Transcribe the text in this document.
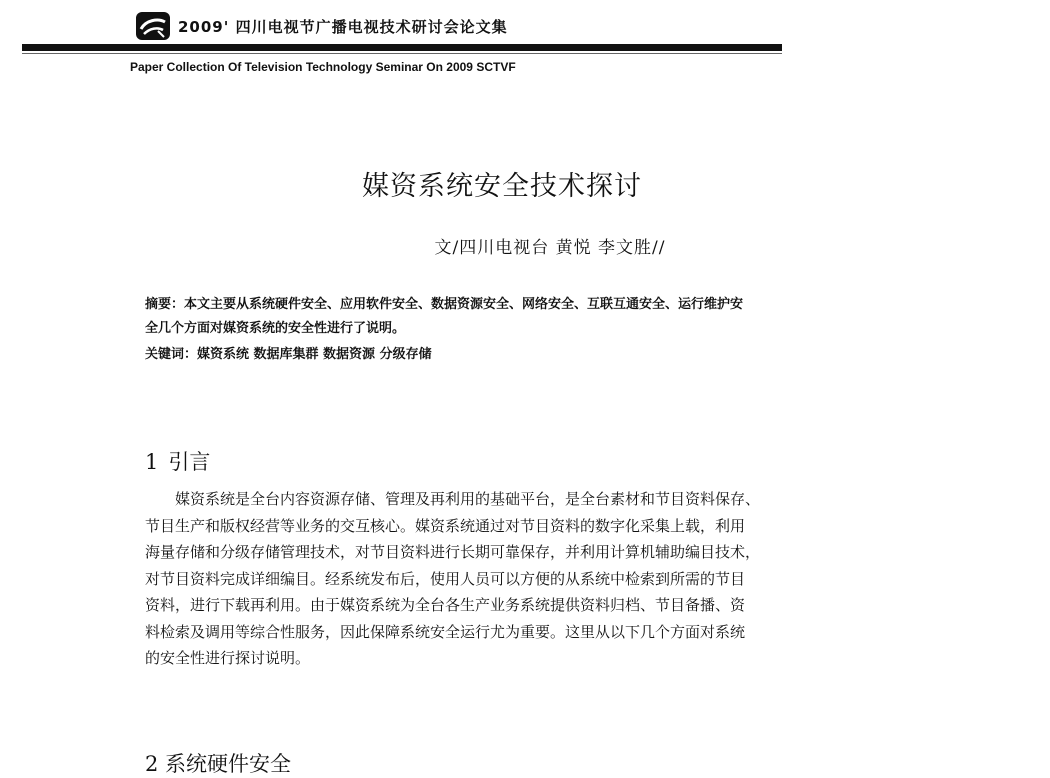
2009' 四川电视节广播电视技术研讨会论文集
Paper Collection Of Television Technology Seminar On 2009 SCTVF
媒资系统安全技术探讨
文/四川电视台 黄悦 李文胜//
摘要：本文主要从系统硬件安全、应用软件安全、数据资源安全、网络安全、互联互通安全、运行维护安
全几个方面对媒资系统的安全性进行了说明。
关键词：媒资系统 数据库集群 数据资源 分级存储
1 引言
　　媒资系统是全台内容资源存储、管理及再利用的基础平台，是全台素材和节目资料保存、
节目生产和版权经营等业务的交互核心。媒资系统通过对节目资料的数字化采集上载，利用
海量存储和分级存储管理技术，对节目资料进行长期可靠保存，并利用计算机辅助编目技术，
对节目资料完成详细编目。经系统发布后，使用人员可以方便的从系统中检索到所需的节目
资料，进行下载再利用。由于媒资系统为全台各生产业务系统提供资料归档、节目备播、资
料检索及调用等综合性服务，因此保障系统安全运行尤为重要。这里从以下几个方面对系统
的安全性进行探讨说明。
2 系统硬件安全
